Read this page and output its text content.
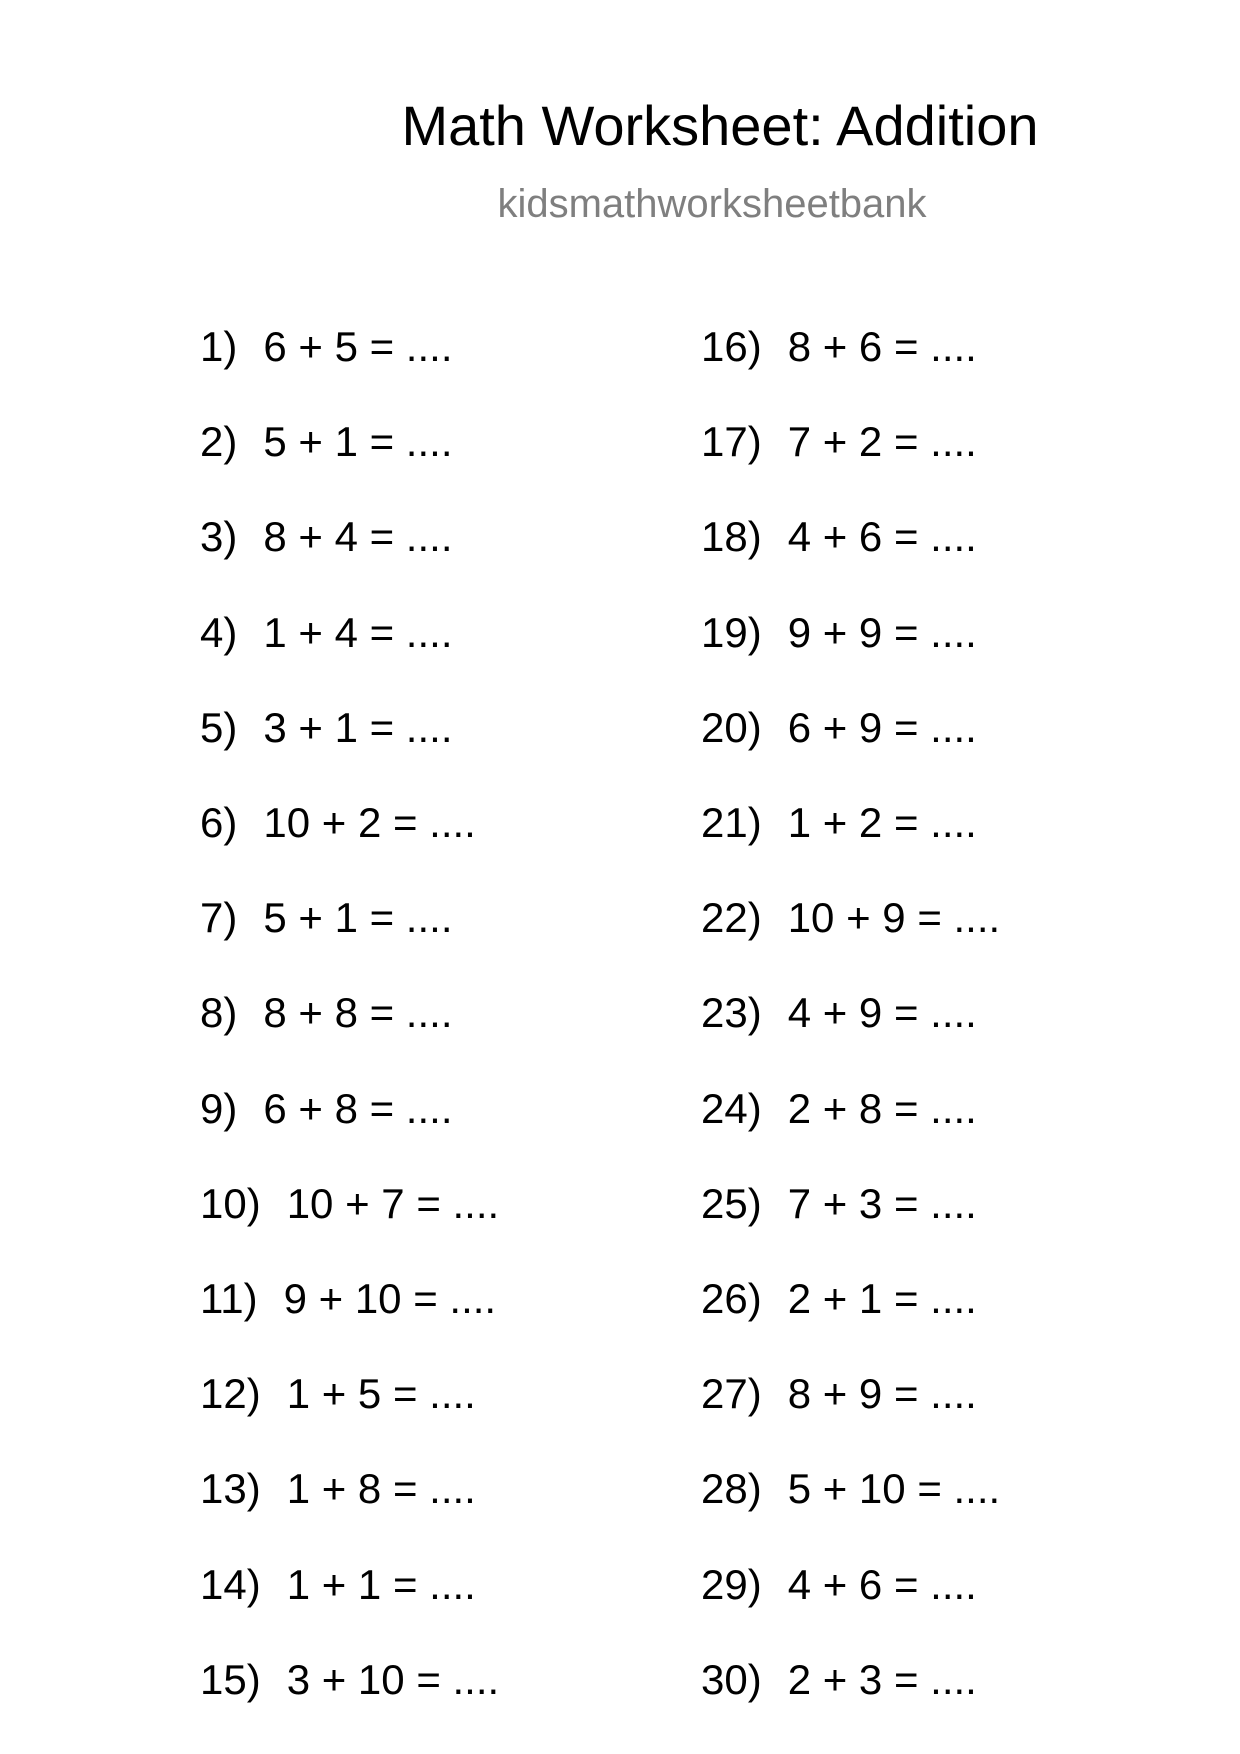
Math Worksheet: Addition
kidsmathworksheetbank
1) 6 + 5 = ....
2) 5 + 1 = ....
3) 8 + 4 = ....
4) 1 + 4 = ....
5) 3 + 1 = ....
6) 10 + 2 = ....
7) 5 + 1 = ....
8) 8 + 8 = ....
9) 6 + 8 = ....
10) 10 + 7 = ....
11) 9 + 10 = ....
12) 1 + 5 = ....
13) 1 + 8 = ....
14) 1 + 1 = ....
15) 3 + 10 = ....
16) 8 + 6 = ....
17) 7 + 2 = ....
18) 4 + 6 = ....
19) 9 + 9 = ....
20) 6 + 9 = ....
21) 1 + 2 = ....
22) 10 + 9 = ....
23) 4 + 9 = ....
24) 2 + 8 = ....
25) 7 + 3 = ....
26) 2 + 1 = ....
27) 8 + 9 = ....
28) 5 + 10 = ....
29) 4 + 6 = ....
30) 2 + 3 = ....
